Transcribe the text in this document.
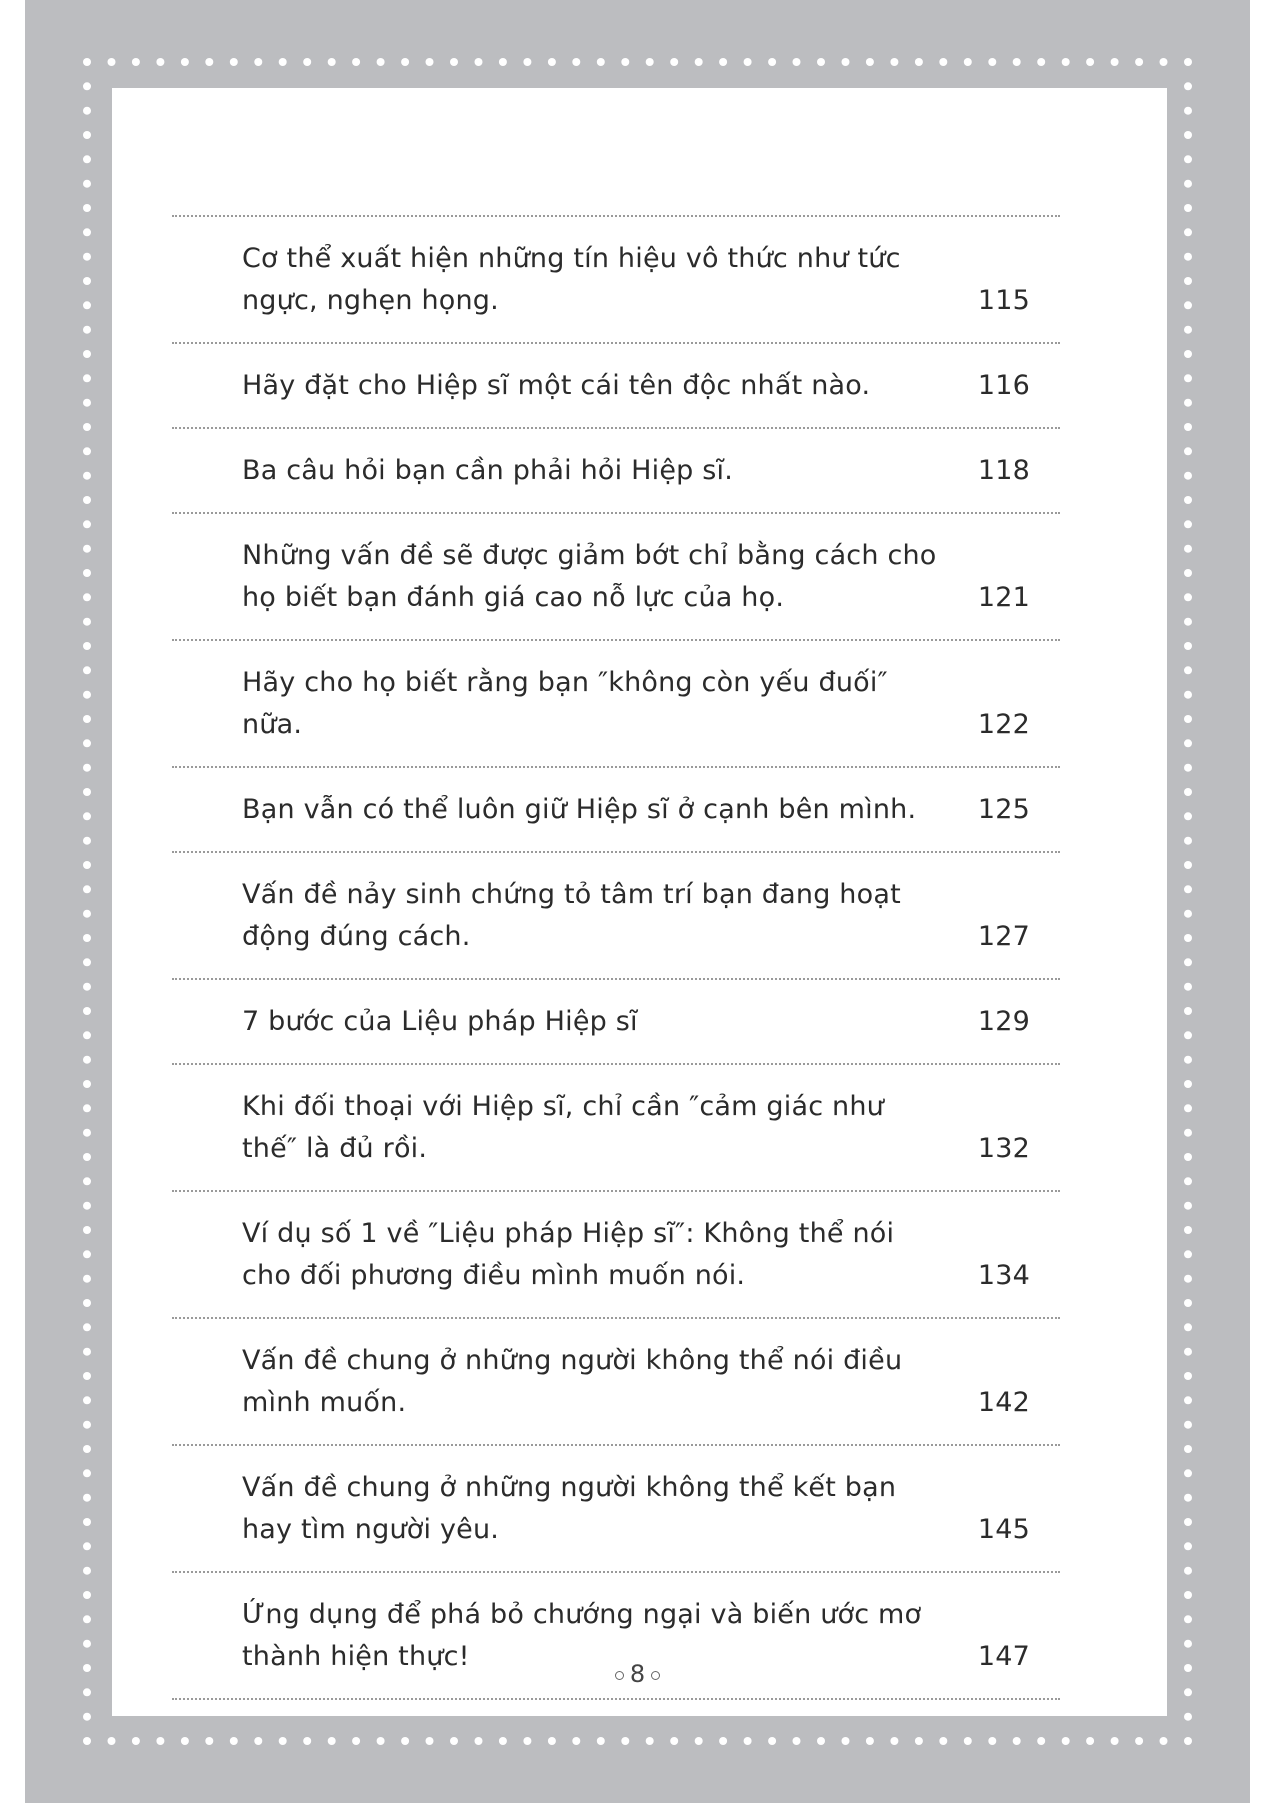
Cơ thể xuất hiện những tín hiệu vô thức như tức ngực, nghẹn họng.	115
Hãy đặt cho Hiệp sĩ một cái tên độc nhất nào.	116
Ba câu hỏi bạn cần phải hỏi Hiệp sĩ.	118
Những vấn đề sẽ được giảm bớt chỉ bằng cách cho họ biết bạn đánh giá cao nỗ lực của họ.	121
Hãy cho họ biết rằng bạn ″không còn yếu đuối″ nữa.	122
Bạn vẫn có thể luôn giữ Hiệp sĩ ở cạnh bên mình.	125
Vấn đề nảy sinh chứng tỏ tâm trí bạn đang hoạt động đúng cách.	127
7 bước của Liệu pháp Hiệp sĩ	129
Khi đối thoại với Hiệp sĩ, chỉ cần ″cảm giác như thế″ là đủ rồi.	132
Ví dụ số 1 về ″Liệu pháp Hiệp sĩ″: Không thể nói cho đối phương điều mình muốn nói.	134
Vấn đề chung ở những người không thể nói điều mình muốn.	142
Vấn đề chung ở những người không thể kết bạn hay tìm người yêu.	145
Ứng dụng để phá bỏ chướng ngại và biến ước mơ thành hiện thực!	147
8
